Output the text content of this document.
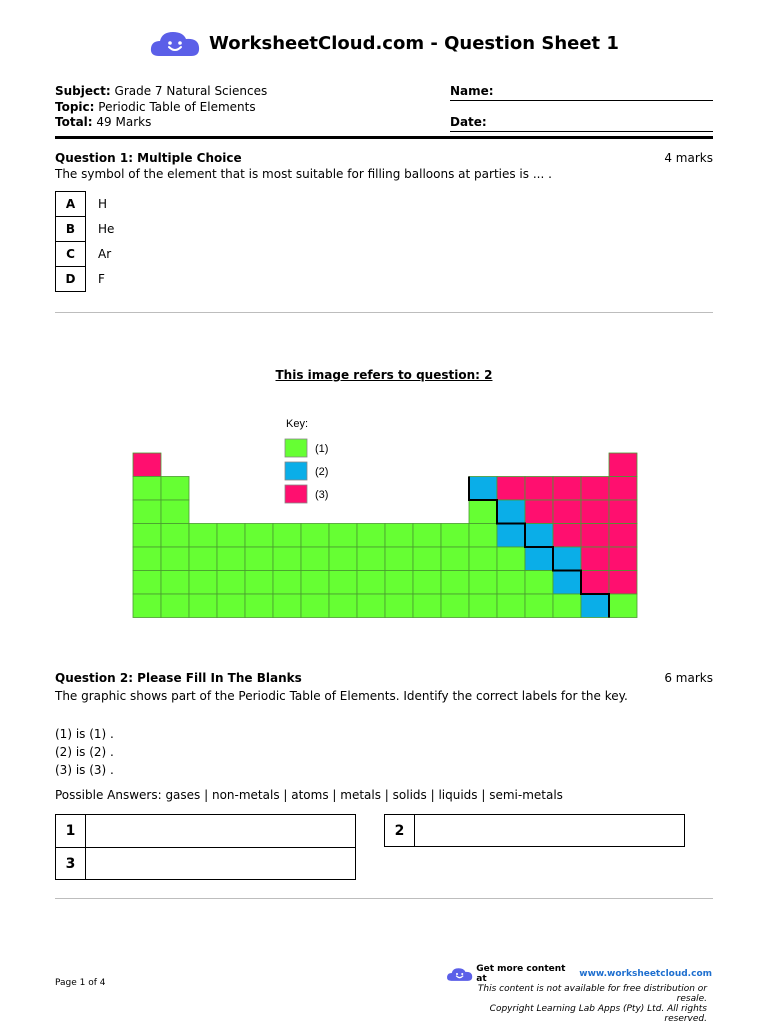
WorksheetCloud.com - Question Sheet 1
Subject: Grade 7 Natural Sciences
Topic: Periodic Table of Elements
Total: 49 Marks
Name:
Date:
Question 1: Multiple Choice	4 marks
The symbol of the element that is most suitable for filling balloons at parties is ... .
A	H
B	He
C	Ar
D	F
This image refers to question: 2
Key:
(1)
(2)
(3)
Question 2: Please Fill In The Blanks	6 marks
The graphic shows part of the Periodic Table of Elements. Identify the correct labels for the key.
(1) is (1) .
(2) is (2) .
(3) is (3) .
Possible Answers: gases | non-metals | atoms | metals | solids | liquids | semi-metals
1	2
3
Page 1 of 4
Get more content at	www.worksheetcloud.com
This content is not available for free distribution or resale.
Copyright Learning Lab Apps (Pty) Ltd. All rights reserved.
